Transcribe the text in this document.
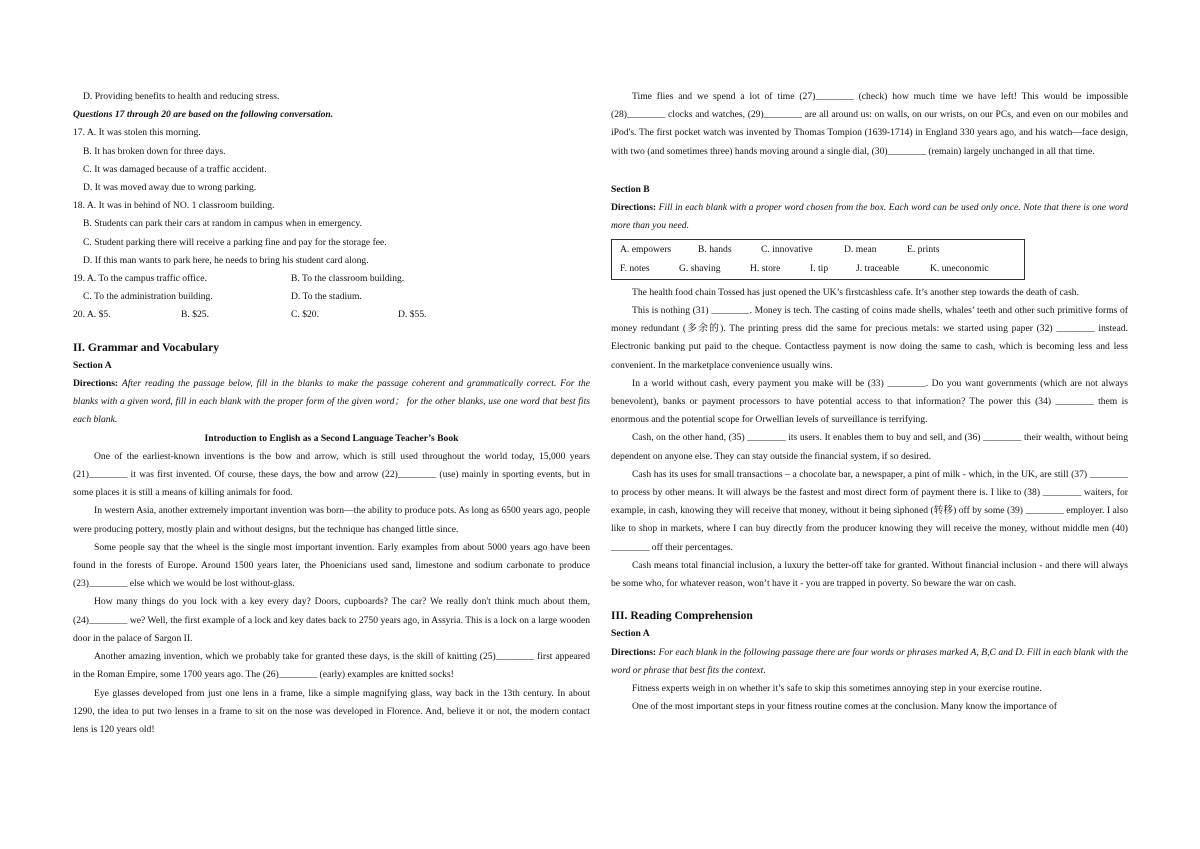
D. Providing benefits to health and reducing stress.

Questions 17 through 20 are based on the following conversation.

17. A. It was stolen this morning.

B. It has broken down for three days.

C. It was damaged because of a traffic accident.

D. It was moved away due to wrong parking.

18. A. It was in behind of NO. 1 classroom building.

B. Students can park their cars at random in campus when in emergency.

C. Student parking there will receive a parking fine and pay for the storage fee.

D. If this man wants to park here, he needs to bring his student card along.

19. A. To the campus traffic office.	B. To the classroom building.
C. To the administration building.	D. To the stadium.
20. A. $5.	B. $25.	C. $20.	D. $55.

II. Grammar and Vocabulary

Section A

Directions: After reading the passage below, fill in the blanks to make the passage coherent and grammatically correct. For the blanks with a given word, fill in each blank with the proper form of the given word； for the other blanks, use one word that best fits each blank.

Introduction to English as a Second Language Teacher’s Book

One of the earliest-known inventions is the bow and arrow, which is still used throughout the world today, 15,000 years (21)________ it was first invented. Of course, these days, the bow and arrow (22)________ (use) mainly in sporting events, but in some places it is still a means of killing animals for food.

In western Asia, another extremely important invention was born—the ability to produce pots. As long as 6500 years ago, people were producing pottery, mostly plain and without designs, but the technique has changed little since.

Some people say that the wheel is the single most important invention. Early examples from about 5000 years ago have been found in the forests of Europe. Around 1500 years later, the Phoenicians used sand, limestone and sodium carbonate to produce (23)________ else which we would be lost without-glass.

How many things do you lock with a key every day? Doors, cupboards? The car? We really don't think much about them, (24)________ we? Well, the first example of a lock and key dates back to 2750 years ago, in Assyria. This is a lock on a large wooden door in the palace of Sargon II.

Another amazing invention, which we probably take for granted these days, is the skill of knitting (25)________ first appeared in the Roman Empire, some 1700 years ago. The (26)________ (early) examples are knitted socks!

Eye glasses developed from just one lens in a frame, like a simple magnifying glass, way back in the 13th century. In about 1290, the idea to put two lenses in a frame to sit on the nose was developed in Florence. And, believe it or not, the modern contact lens is 120 years old!

Time flies and we spend a lot of time (27)________ (check) how much time we have left! This would be impossible (28)________ clocks and watches, (29)________ are all around us: on walls, on our wrists, on our PCs, and even on our mobiles and iPod's. The first pocket watch was invented by Thomas Tompion (1639-1714) in England 330 years ago, and his watch—face design, with two (and sometimes three) hands moving around a single dial, (30)________ (remain) largely unchanged in all that time.

Section B

Directions: Fill in each blank with a proper word chosen from the box. Each word can be used only once. Note that there is one word more than you need.

A. empowers	B. hands	C. innovative	D. mean	E. prints
F. notes	G. shaving	H. store	I. tip	J. traceable	K. uneconomic

The health food chain Tossed has just opened the UK’s firstcashless cafe. It’s another step towards the death of cash.

This is nothing (31) ________. Money is tech. The casting of coins made shells, whales’ teeth and other such primitive forms of money redundant (多余的). The printing press did the same for precious metals: we started using paper (32) ________ instead. Electronic banking put paid to the cheque. Contactless payment is now doing the same to cash, which is becoming less and less convenient. In the marketplace convenience usually wins.

In a world without cash, every payment you make will be (33) ________. Do you want governments (which are not always benevolent), banks or payment processors to have potential access to that information? The power this (34) ________ them is enormous and the potential scope for Orwellian levels of surveillance is terrifying.

Cash, on the other hand, (35) ________ its users. It enables them to buy and sell, and (36) ________ their wealth, without being dependent on anyone else. They can stay outside the financial system, if so desired.

Cash has its uses for small transactions – a chocolate bar, a newspaper, a pint of milk - which, in the UK, are still (37) ________ to process by other means. It will always be the fastest and most direct form of payment there is. I like to (38) ________ waiters, for example, in cash, knowing they will receive that money, without it being siphoned (转移) off by some (39) ________ employer. I also like to shop in markets, where I can buy directly from the producer knowing they will receive the money, without middle men (40) ________ off their percentages.

Cash means total financial inclusion, a luxury the better-off take for granted. Without financial inclusion - and there will always be some who, for whatever reason, won’t have it - you are trapped in poverty. So beware the war on cash.

III. Reading Comprehension

Section A

Directions: For each blank in the following passage there are four words or phrases marked A, B,C and D. Fill in each blank with the word or phrase that best fits the context.

Fitness experts weigh in on whether it’s safe to skip this sometimes annoying step in your exercise routine.

One of the most important steps in your fitness routine comes at the conclusion. Many know the importance of
